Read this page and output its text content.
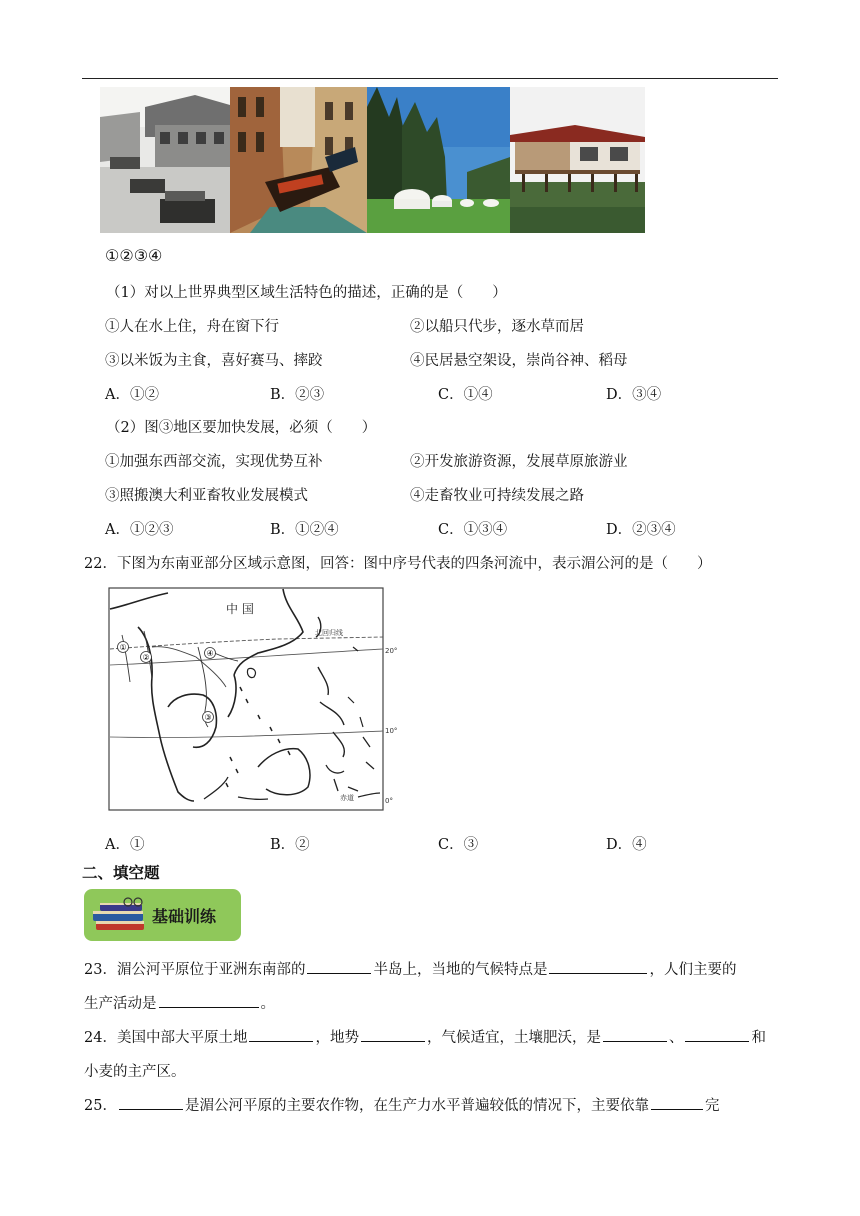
①②③④
（1）对以上世界典型区域生活特色的描述，正确的是（　　）
①人在水上住，舟在窗下行	②以船只代步，逐水草而居
③以米饭为主食，喜好赛马、摔跤	④民居悬空架设，崇尚谷神、稻母
A．①②	B．②③	C．①④	D．③④
（2）图③地区要加快发展，必须（　　）
①加强东西部交流，实现优势互补	②开发旅游资源，发展草原旅游业
③照搬澳大利亚畜牧业发展模式	④走畜牧业可持续发展之路
A．①②③	B．①②④	C．①③④	D．②③④
22．下图为东南亚部分区域示意图，回答：图中序号代表的四条河流中，表示湄公河的是（　　）
北回归线
20°
10°
赤道	0°
中 国
①
②
③
④
A．①	B．②	C．③	D．④
二、填空题
基础训练
23．湄公河平原位于亚洲东南部的	半岛上，当地的气候特点是	，人们主要的
生产活动是	。
24．美国中部大平原土地	，地势	，气候适宜，土壤肥沃，是	、	和
小麦的主产区。
25．	是湄公河平原的主要农作物，在生产力水平普遍较低的情况下，主要依靠	完
